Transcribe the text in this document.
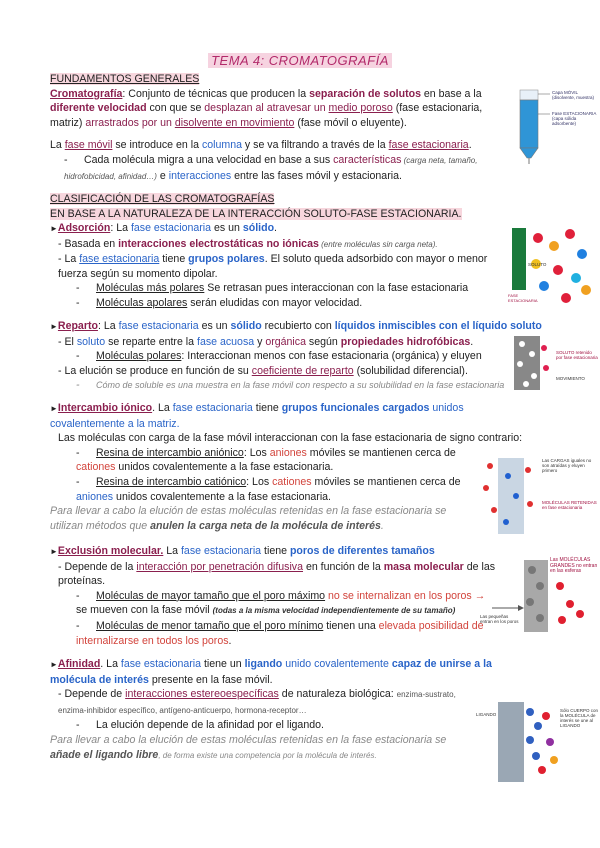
TEMA 4: CROMATOGRAFÍA

FUNDAMENTOS GENERALES

Cromatografía: Conjunto de técnicas que producen la separación de solutos en base a la diferente velocidad con que se desplazan al atravesar un medio poroso (fase estacionaria, matriz) arrastrados por un disolvente en movimiento (fase móvil o eluyente).

La fase móvil se introduce en la columna y se va filtrando a través de la fase estacionaria.

- Cada molécula migra a una velocidad en base a sus características (carga neta, tamaño, hidrofobicidad, afinidad…) e interacciones entre las fases móvil y estacionaria.

Capa MÓVIL (disolvente, muestra)
Fase ESTACIONARIA (capa sólida adsorbente)

CLASIFICACIÓN DE LAS CROMATOGRAFÍAS

EN BASE A LA NATURALEZA DE LA INTERACCIÓN SOLUTO-FASE ESTACIONARIA.

►Adsorción: La fase estacionaria es un sólido.

- Basada en interacciones electrostáticas no iónicas (entre moléculas sin carga neta).

- La fase estacionaria tiene grupos polares. El soluto queda adsorbido con mayor o menor fuerza según su momento dipolar.

- Moléculas más polares Se retrasan pues interaccionan con la fase estacionaria

- Moléculas apolares serán eludidas con mayor velocidad.

SOLUTO
FASE ESTACIONARIA

►Reparto: La fase estacionaria es un sólido recubierto con líquidos inmiscibles con el líquido soluto

- El soluto se reparte entre la fase acuosa y orgánica según propiedades hidrofóbicas.

- Moléculas polares: Interaccionan menos con fase estacionaria (orgánica) y eluyen

- La elución se produce en función de su coeficiente de reparto (solubilidad diferencial).

- Cómo de soluble es una muestra en la fase móvil con respecto a su solubilidad en la fase estacionaria

SOLUTO retenido por fase estacionaria
MOVIMIENTO

►Intercambio iónico. La fase estacionaria tiene grupos funcionales cargados unidos covalentemente a la matriz.

Las moléculas con carga de la fase móvil interaccionan con la fase estacionaria de signo contrario:

- Resina de intercambio aniónico: Los aniones móviles se mantienen cerca de cationes unidos covalentemente a la fase estacionaria.

- Resina de intercambio catiónico: Los cationes móviles se mantienen cerca de aniones unidos covalentemente a la fase estacionaria.

Para llevar a cabo la elución de estas moléculas retenidas en la fase estacionaria se utilizan métodos que anulen la carga neta de la molécula de interés.

Las CARGAS iguales no son atraídas y eluyen primero
MOLÉCULAS RETENIDAS en fase estacionaria

►Exclusión molecular. La fase estacionaria tiene poros de diferentes tamaños

- Depende de la interacción por penetración difusiva en función de la masa molecular de las proteínas.

- Moléculas de mayor tamaño que el poro máximo no se internalizan en los poros → se mueven con la fase móvil (todas a la misma velocidad independientemente de su tamaño)

- Moléculas de menor tamaño que el poro mínimo tienen una elevada posibilidad de internalizarse en todos los poros.

Las MOLÉCULAS GRANDES no entran en las esferas
Las pequeñas entran en los poros

►Afinidad. La fase estacionaria tiene un ligando unido covalentemente capaz de unirse a la molécula de interés presente en la fase móvil.

- Depende de interacciones estereoespecíficas de naturaleza biológica: enzima-sustrato, enzima-inhibidor específico, antígeno-anticuerpo, hormona-receptor…

- La elución depende de la afinidad por el ligando.

Para llevar a cabo la elución de estas moléculas retenidas en la fase estacionaria se añade el ligando libre, de forma existe una competencia por la molécula de interés.

LIGANDO
Sólo CUERPO con la MOLÉCULA de interés se une al LIGANDO
